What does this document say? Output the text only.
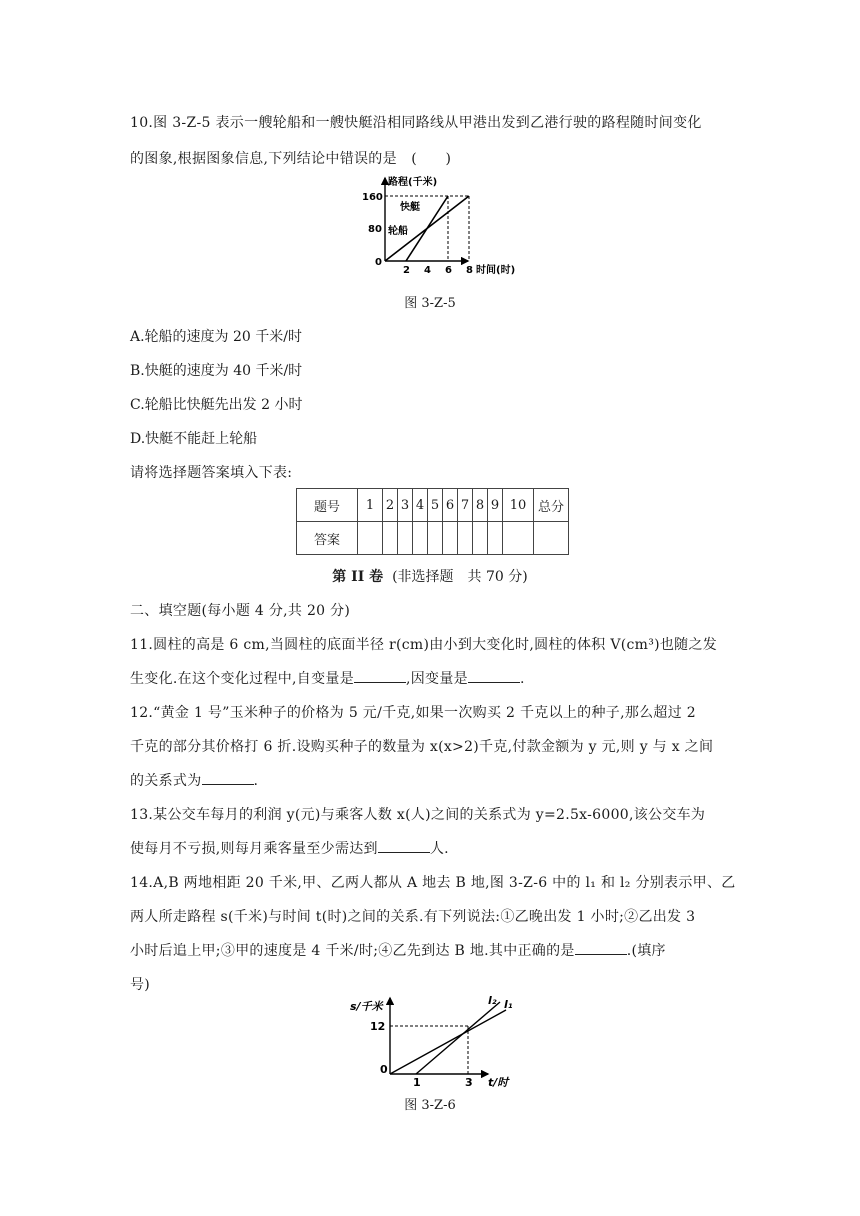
10.图 3-Z-5 表示一艘轮船和一艘快艇沿相同路线从甲港出发到乙港行驶的路程随时间变化
的图象,根据图象信息,下列结论中错误的是　(　　)
路程(千米)
160
80
快艇
轮船
0
2 4 6 8 时间(时)
图 3-Z-5
A.轮船的速度为 20 千米/时
B.快艇的速度为 40 千米/时
C.轮船比快艇先出发 2 小时
D.快艇不能赶上轮船
请将选择题答案填入下表:
题号	1	2	3	4	5	6	7	8	9	10	总分
答案											
第 II 卷 (非选择题　共 70 分)
二、填空题(每小题 4 分,共 20 分)
11.圆柱的高是 6 cm,当圆柱的底面半径 r(cm)由小到大变化时,圆柱的体积 V(cm³)也随之发
生变化.在这个变化过程中,自变量是	,因变量是	.
12.“黄金 1 号”玉米种子的价格为 5 元/千克,如果一次购买 2 千克以上的种子,那么超过 2
千克的部分其价格打 6 折.设购买种子的数量为 x(x>2)千克,付款金额为 y 元,则 y 与 x 之间
的关系式为	.
13.某公交车每月的利润 y(元)与乘客人数 x(人)之间的关系式为 y=2.5x-6000,该公交车为
使每月不亏损,则每月乘客量至少需达到	人.
14.A,B 两地相距 20 千米,甲、乙两人都从 A 地去 B 地,图 3-Z-6 中的 l₁ 和 l₂ 分别表示甲、乙
两人所走路程 s(千米)与时间 t(时)之间的关系.有下列说法:①乙晚出发 1 小时;②乙出发 3
小时后追上甲;③甲的速度是 4 千米/时;④乙先到达 B 地.其中正确的是	.(填序
号)
s/千米
12
0
1	3 t/时
l₂ l₁
图 3-Z-6
